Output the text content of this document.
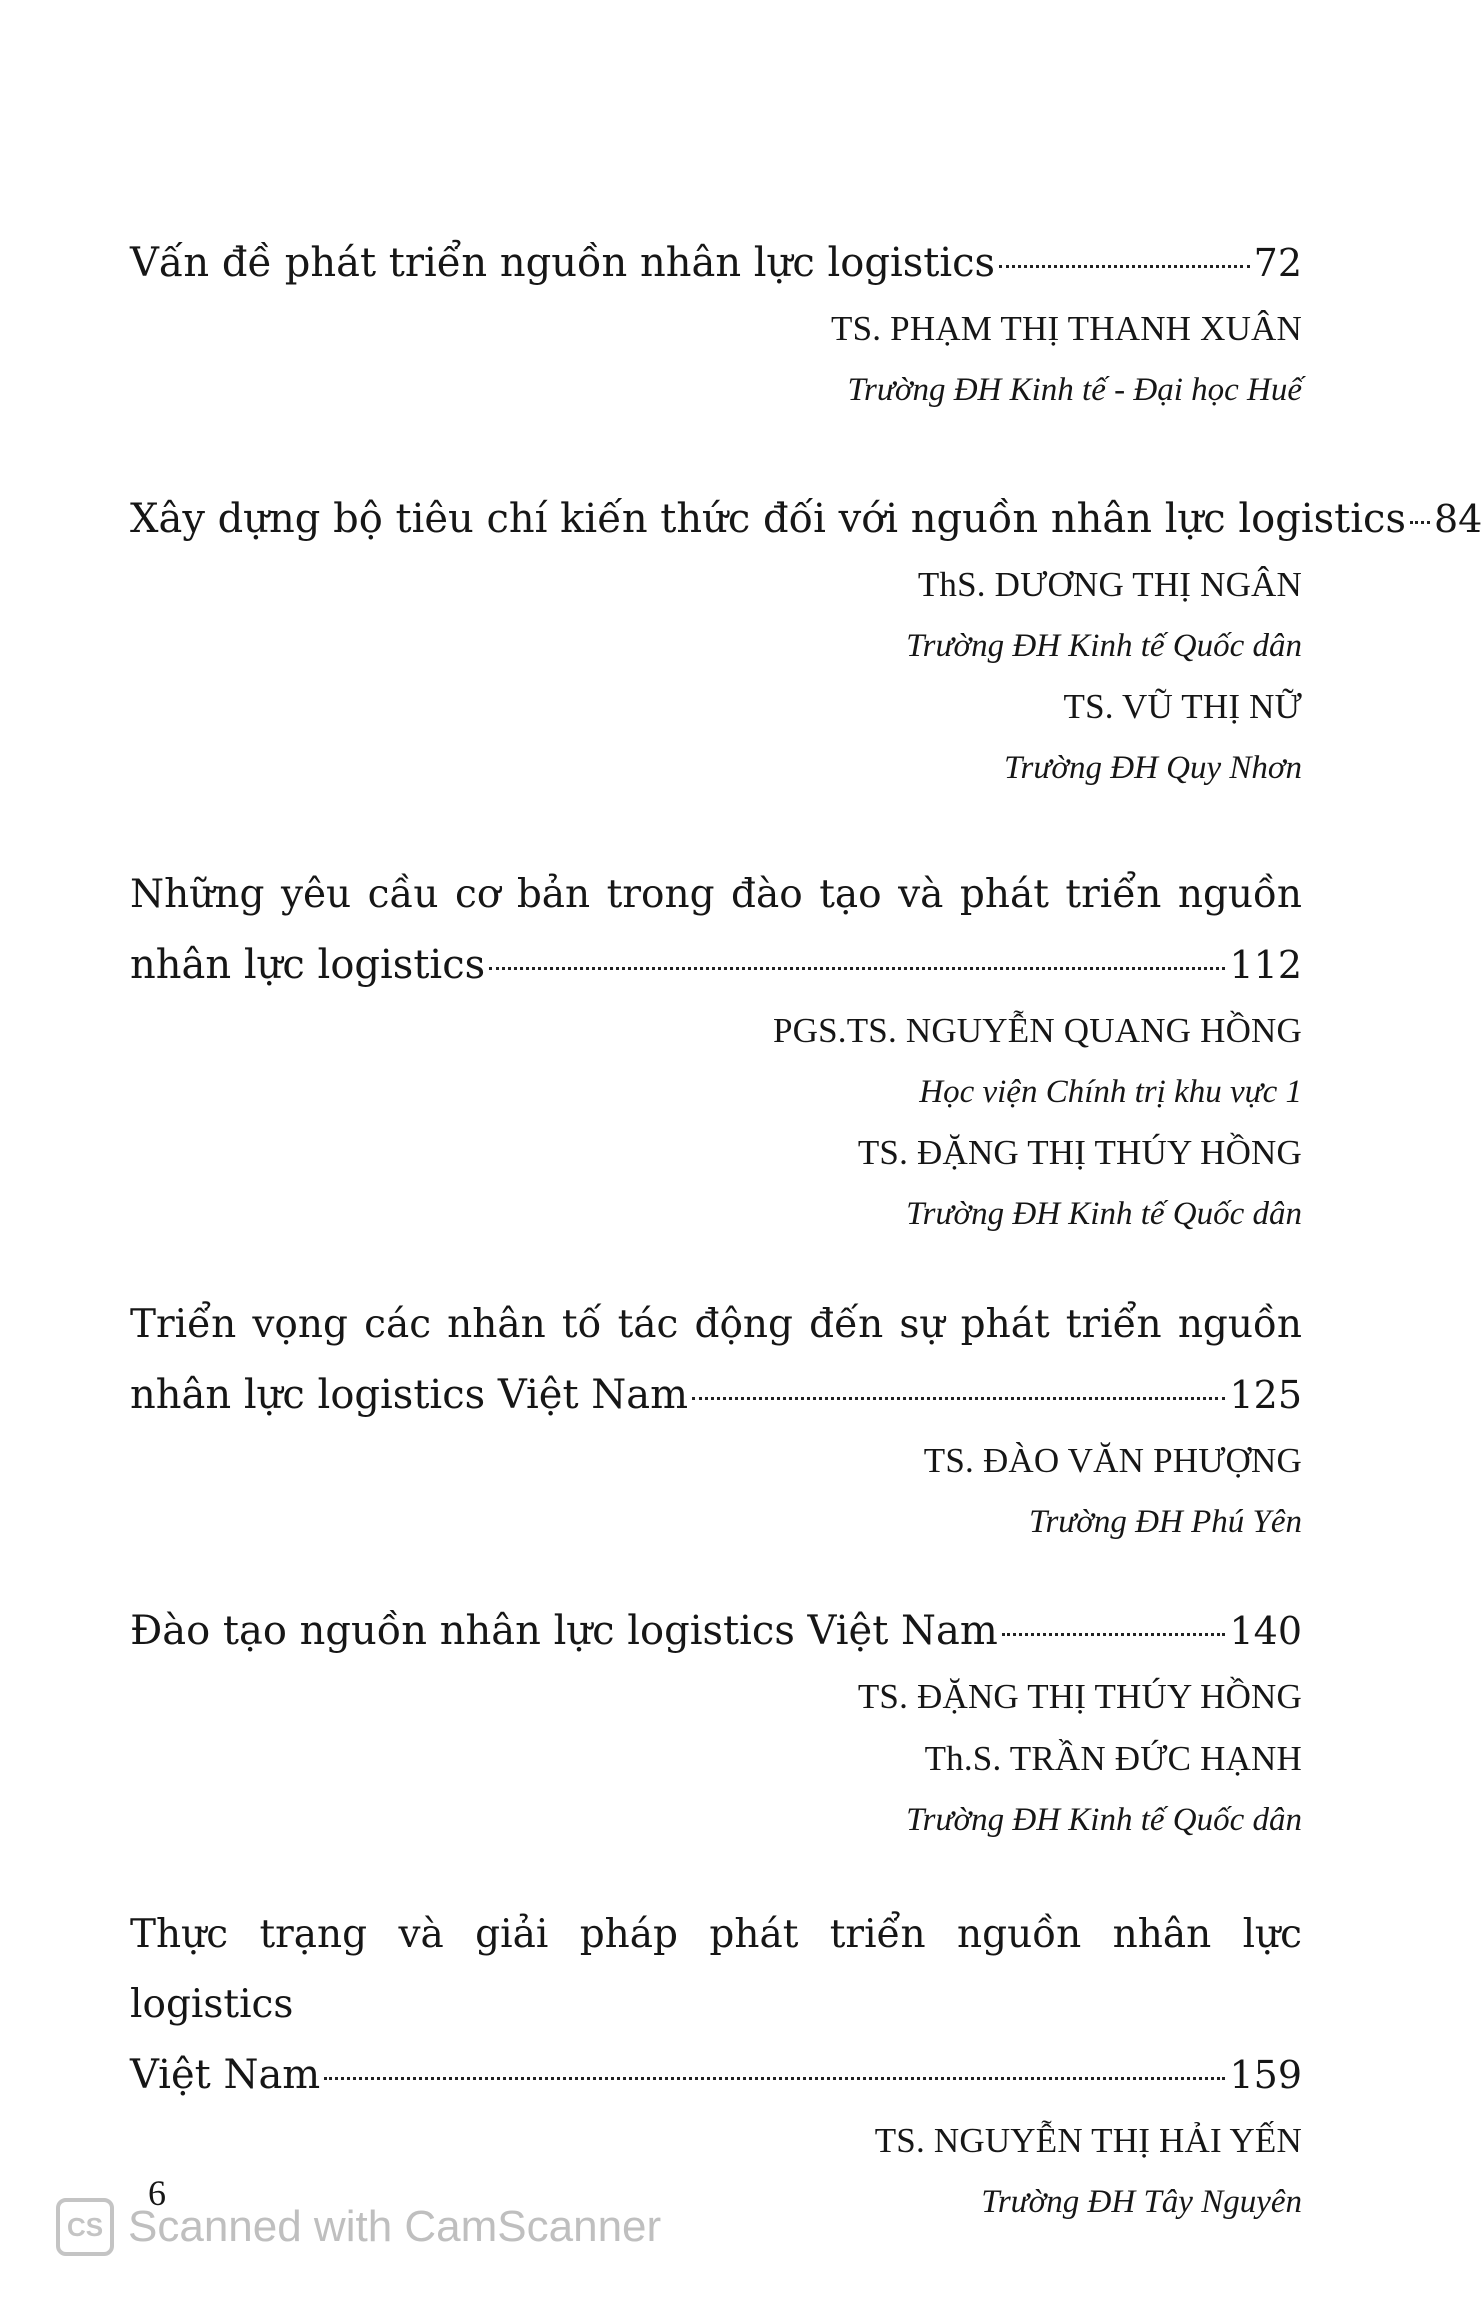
Vấn đề phát triển nguồn nhân lực logistics	72
TS. PHẠM THỊ THANH XUÂN
Trường ĐH Kinh tế - Đại học Huế
Xây dựng bộ tiêu chí kiến thức đối với nguồn nhân lực logistics 84
ThS. DƯƠNG THỊ NGÂN
Trường ĐH Kinh tế Quốc dân
TS. VŨ THỊ NỮ
Trường ĐH Quy Nhơn
Những yêu cầu cơ bản trong đào tạo và phát triển nguồn
nhân lực logistics	112
PGS.TS. NGUYỄN QUANG HỒNG
Học viện Chính trị khu vực 1
TS. ĐẶNG THỊ THÚY HỒNG
Trường ĐH Kinh tế Quốc dân
Triển vọng các nhân tố tác động đến sự phát triển nguồn
nhân lực logistics Việt Nam	125
TS. ĐÀO VĂN PHƯỢNG
Trường ĐH Phú Yên
Đào tạo nguồn nhân lực logistics Việt Nam	140
TS. ĐẶNG THỊ THÚY HỒNG
Th.S. TRẦN ĐỨC HẠNH
Trường ĐH Kinh tế Quốc dân
Thực trạng và giải pháp phát triển nguồn nhân lực logistics
Việt Nam	159
TS. NGUYỄN THỊ HẢI YẾN
Trường ĐH Tây Nguyên
6
CS Scanned with CamScanner
